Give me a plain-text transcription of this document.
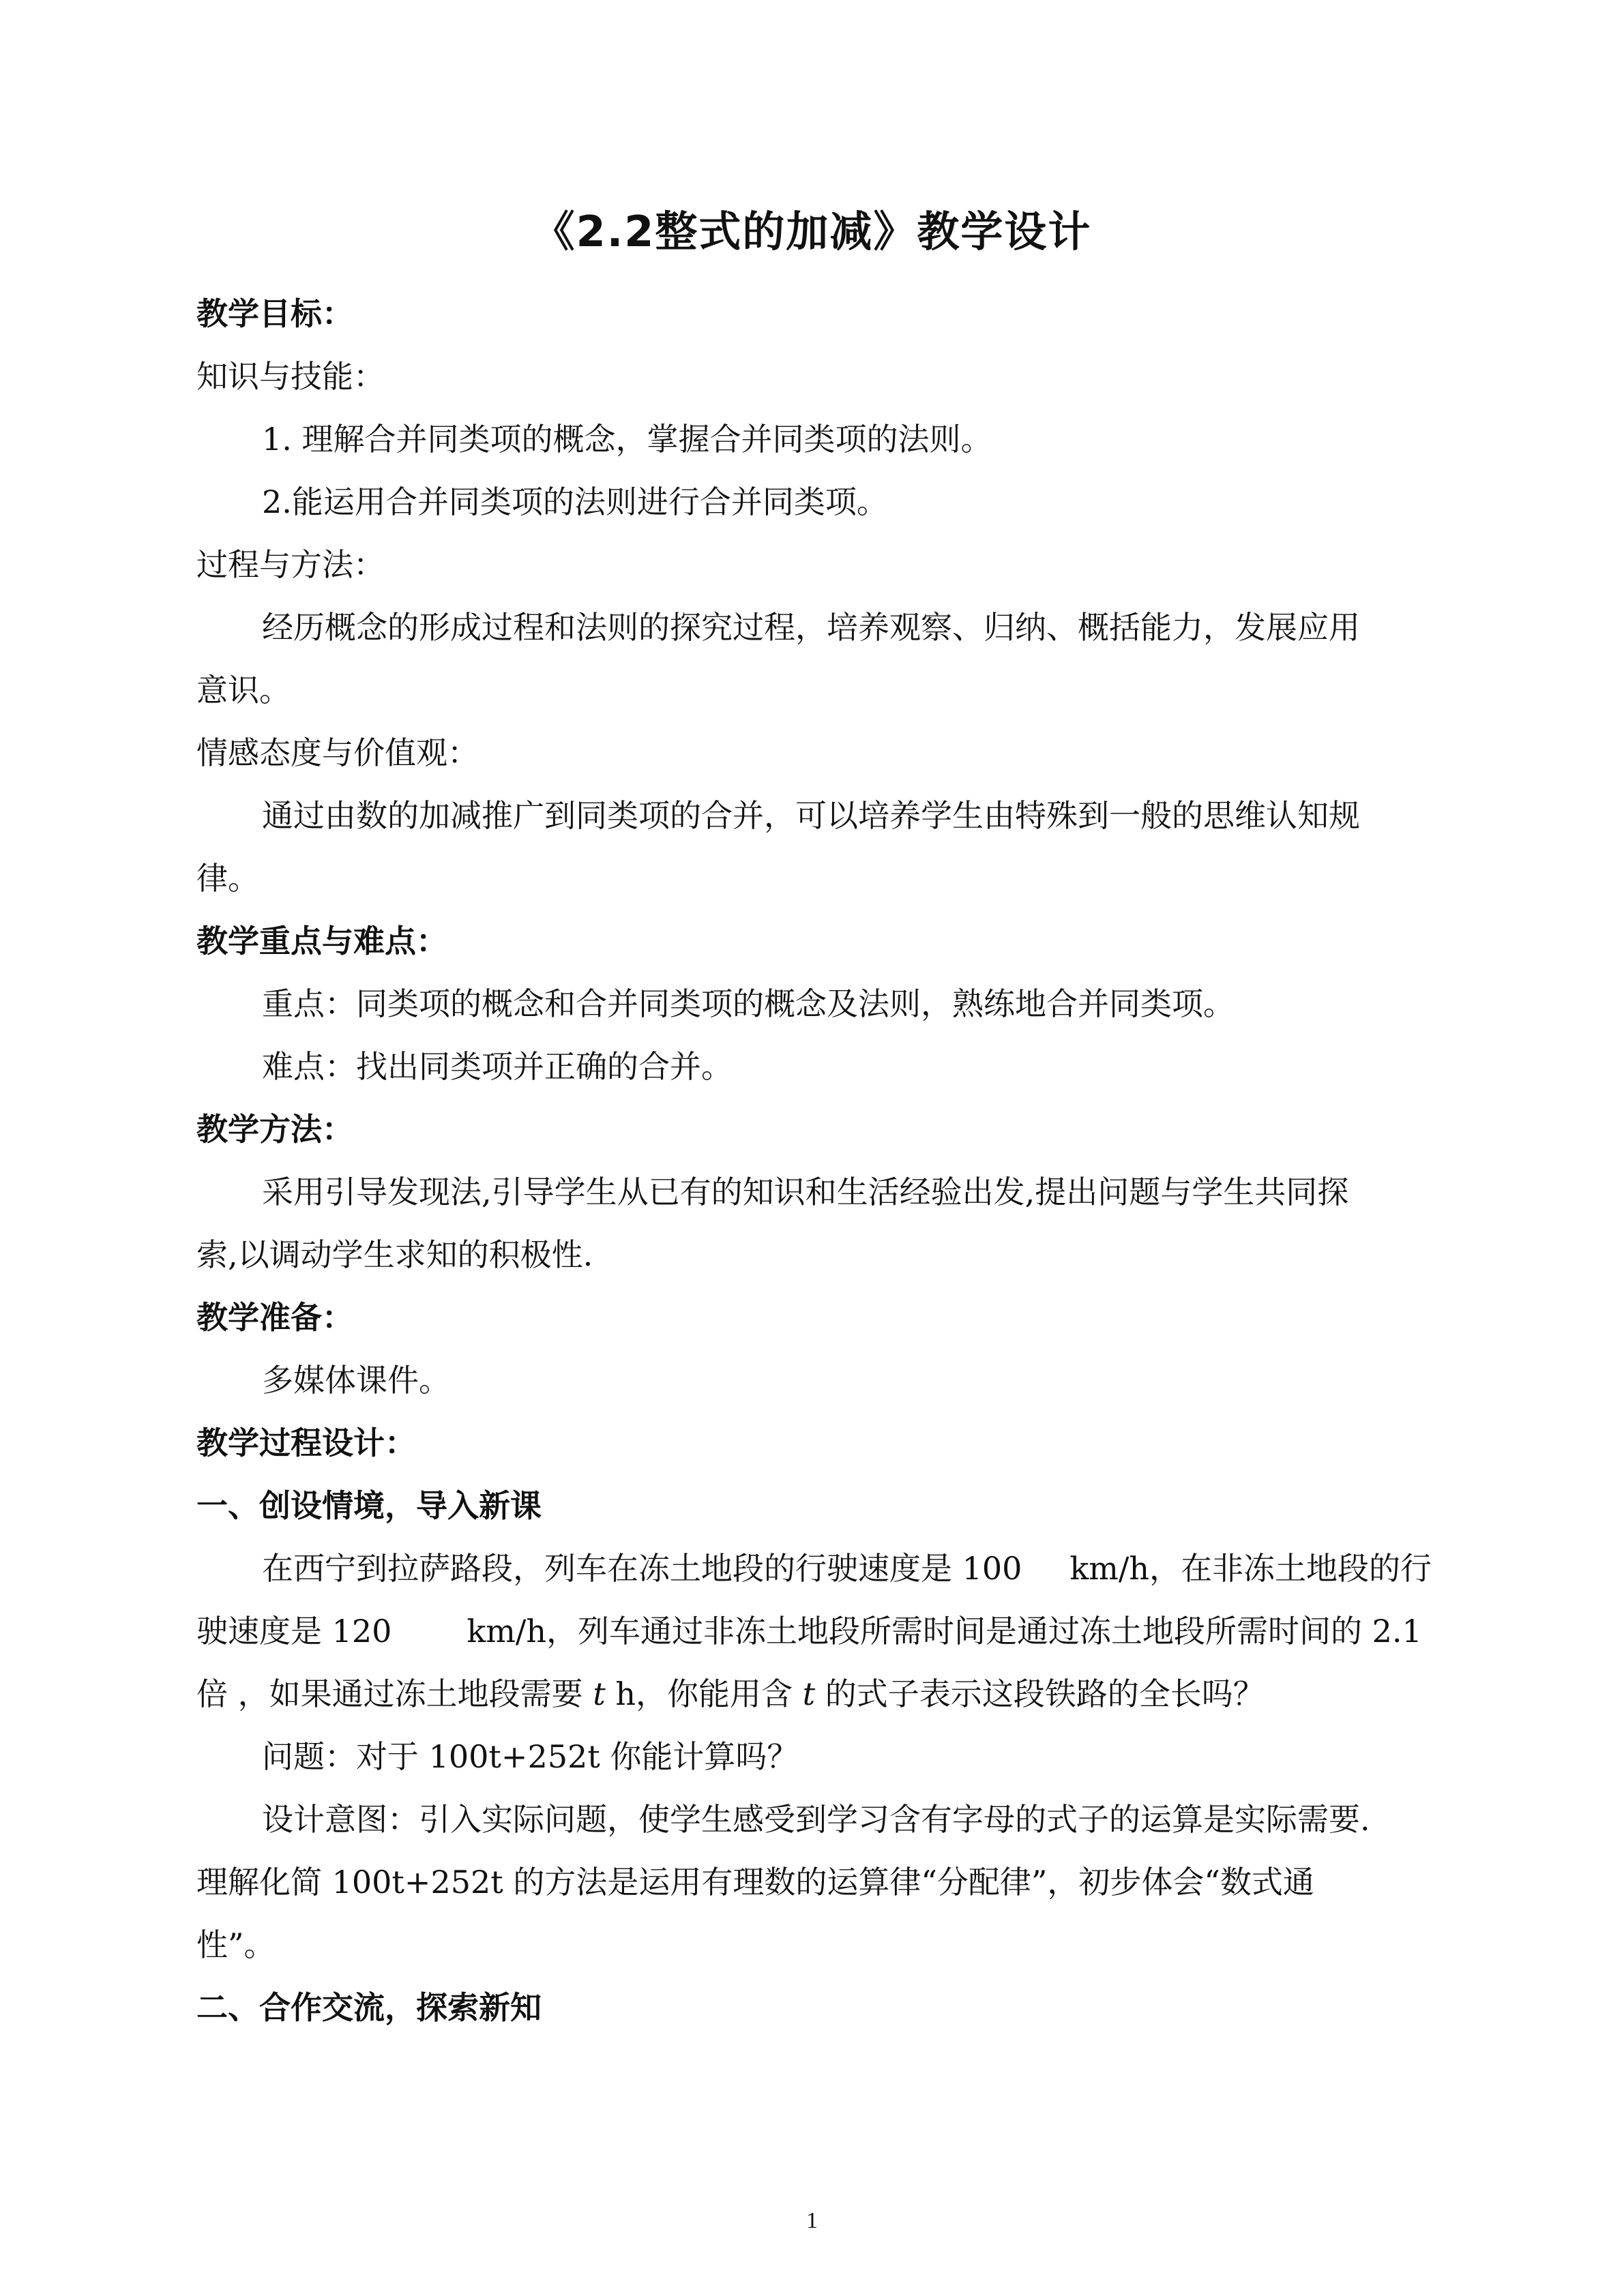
《2.2整式的加减》教学设计
教学目标：
知识与技能：
1. 理解合并同类项的概念，掌握合并同类项的法则。
2.能运用合并同类项的法则进行合并同类项。
过程与方法：
经历概念的形成过程和法则的探究过程，培养观察、归纳、概括能力，发展应用
意识。
情感态度与价值观：
通过由数的加减推广到同类项的合并，可以培养学生由特殊到一般的思维认知规
律。
教学重点与难点：
重点：同类项的概念和合并同类项的概念及法则，熟练地合并同类项。
难点：找出同类项并正确的合并。
教学方法：
采用引导发现法,引导学生从已有的知识和生活经验出发,提出问题与学生共同探
索,以调动学生求知的积极性.
教学准备：
多媒体课件。
教学过程设计：
一、创设情境，导入新课
在西宁到拉萨路段，列车在冻土地段的行驶速度是 100 km/h，在非冻土地段的行
驶速度是 120 km/h，列车通过非冻土地段所需时间是通过冻土地段所需时间的 2.1
倍 ，如果通过冻土地段需要 t h，你能用含 t 的式子表示这段铁路的全长吗？
问题：对于 100t+252t 你能计算吗？
设计意图：引入实际问题，使学生感受到学习含有字母的式子的运算是实际需要.
理解化简 100t+252t 的方法是运用有理数的运算律“分配律”，初步体会“数式通
性”。
二、合作交流，探索新知
1
